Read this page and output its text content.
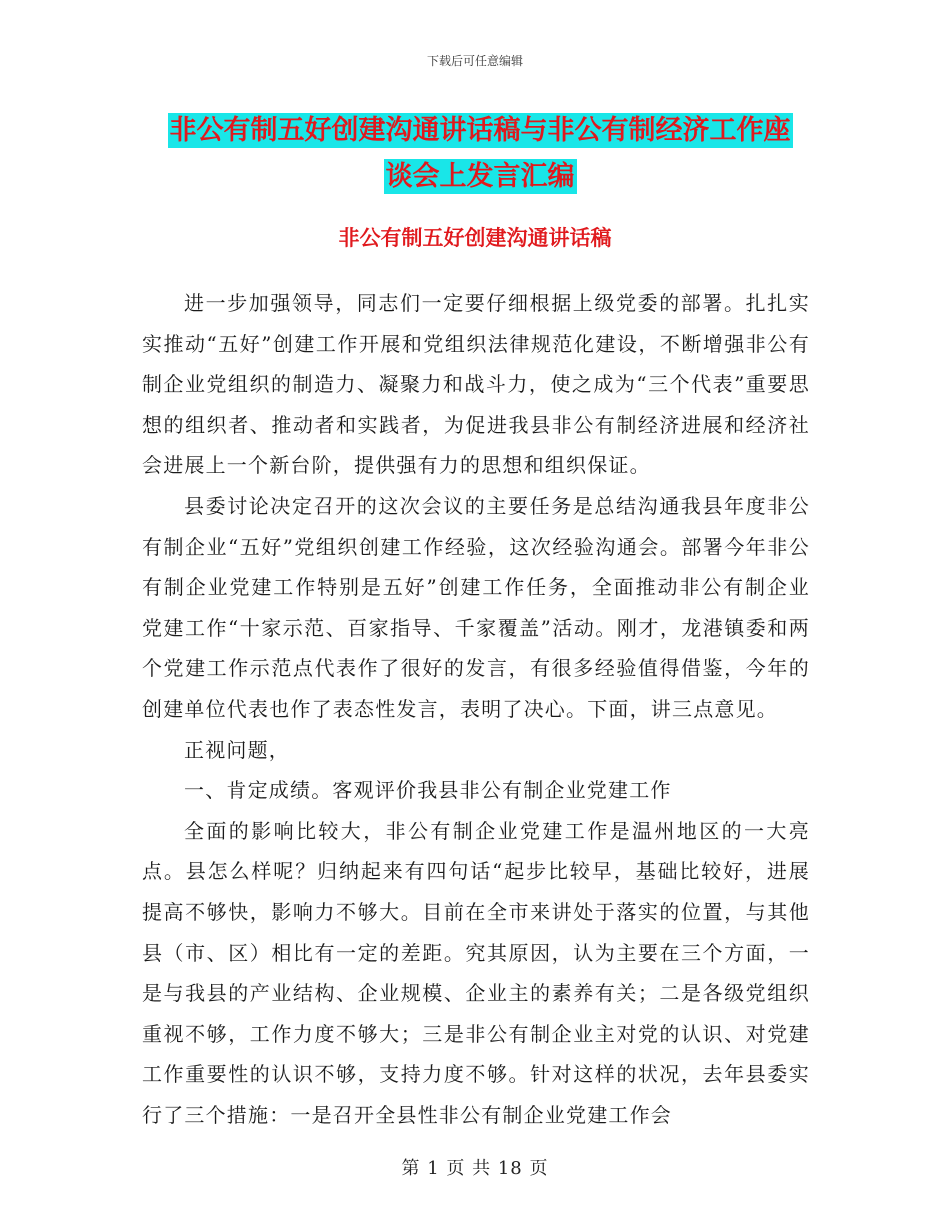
下载后可任意编辑
非公有制五好创建沟通讲话稿与非公有制经济工作座
谈会上发言汇编
非公有制五好创建沟通讲话稿

进一步加强领导，同志们一定要仔细根据上级党委的部署。扎扎实实推动“五好”创建工作开展和党组织法律规范化建设，不断增强非公有制企业党组织的制造力、凝聚力和战斗力，使之成为“三个代表”重要思想的组织者、推动者和实践者，为促进我县非公有制经济进展和经济社会进展上一个新台阶，提供强有力的思想和组织保证。

县委讨论决定召开的这次会议的主要任务是总结沟通我县年度非公有制企业“五好”党组织创建工作经验，这次经验沟通会。部署今年非公有制企业党建工作特别是五好”创建工作任务，全面推动非公有制企业党建工作“十家示范、百家指导、千家覆盖”活动。刚才，龙港镇委和两个党建工作示范点代表作了很好的发言，有很多经验值得借鉴，今年的创建单位代表也作了表态性发言，表明了决心。下面，讲三点意见。

正视问题，

一、肯定成绩。客观评价我县非公有制企业党建工作

全面的影响比较大，非公有制企业党建工作是温州地区的一大亮点。县怎么样呢？归纳起来有四句话“起步比较早，基础比较好，进展提高不够快，影响力不够大。目前在全市来讲处于落实的位置，与其他县（市、区）相比有一定的差距。究其原因，认为主要在三个方面，一是与我县的产业结构、企业规模、企业主的素养有关；二是各级党组织重视不够，工作力度不够大；三是非公有制企业主对党的认识、对党建工作重要性的认识不够，支持力度不够。针对这样的状况，去年县委实行了三个措施：一是召开全县性非公有制企业党建工作会

第 1 页 共 18 页
